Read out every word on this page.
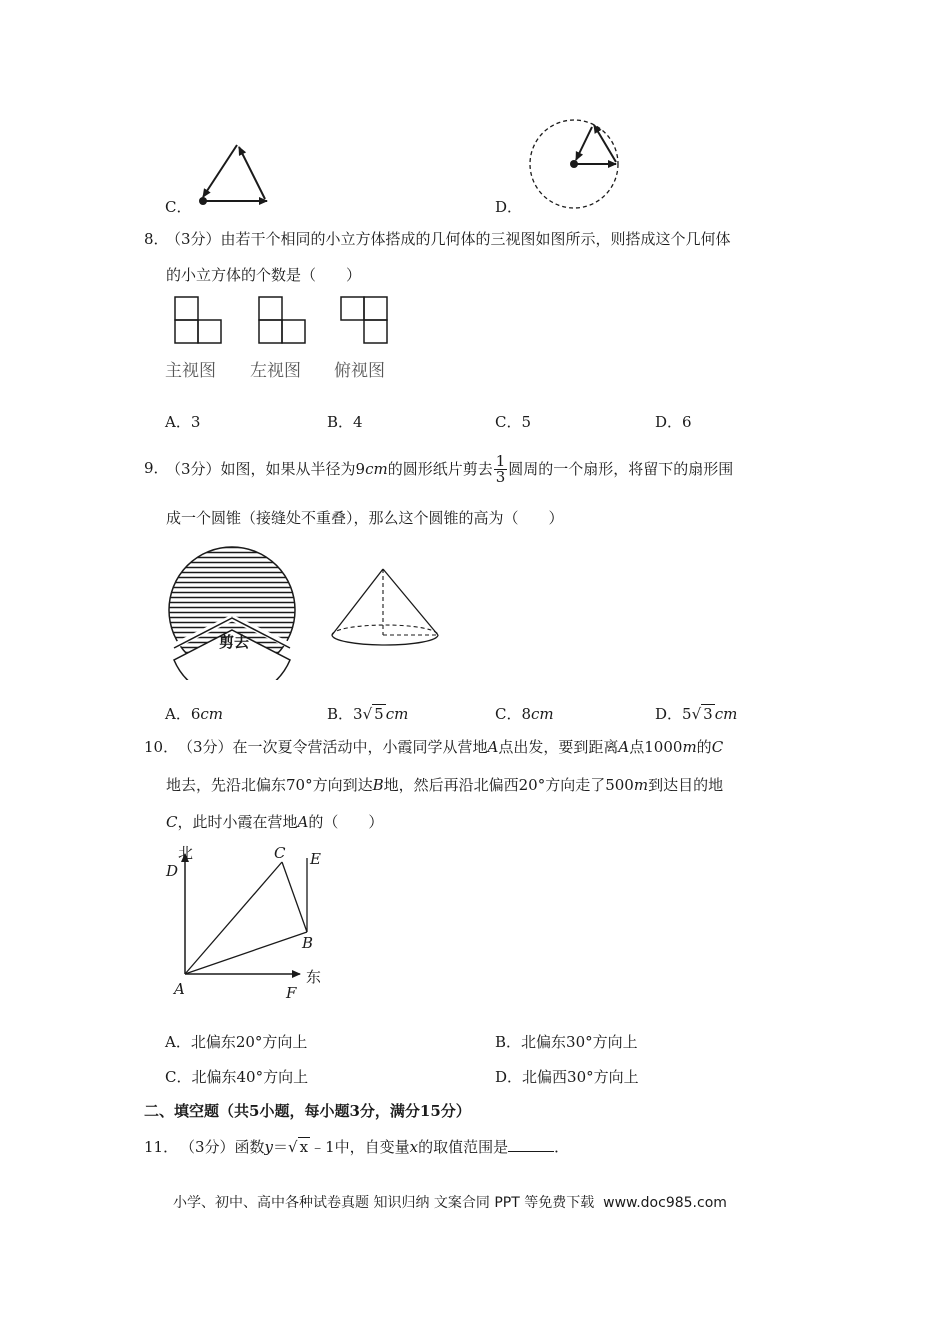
C．	D．
8．
（3分）由若干个相同的小立方体搭成的几何体的三视图如图所示，则搭成这个几何体
的小立方体的个数是（　　）
主视图 左视图 俯视图
A．3	B．4	C．5	D．6
9．
（3分）如图，如果从半径为9 cm 的圆形纸片剪去 $\frac{1}{3}$ 圆周的一个扇形，将留下的扇形围
成一个圆锥（接缝处不重叠），那么这个圆锥的高为（　　）
剪去
A．6cm	B．3√ 5 cm	C．8cm	D．5√ 3 cm
10． （3分）在一次夏令营活动中，小霞同学从营地A点出发，要到距离A点1000m的C
地去，先沿北偏东70°方向到达B地，然后再沿北偏西20°方向走了500m到达目的地
C，此时小霞在营地A的（　　）
北
D
C E
B
东
A	F
A．北偏东20°方向上	B．北偏东30°方向上
C．北偏东40°方向上	D．北偏西30°方向上
二、填空题（共5小题，每小题3分，满分15分）
11． （3分）函数y＝√ x ﹣1中，自变量x的取值范围是	．
小学、初中、高中各种试卷真题 知识归纳 文案合同 PPT 等免费下载 www.doc985.com
